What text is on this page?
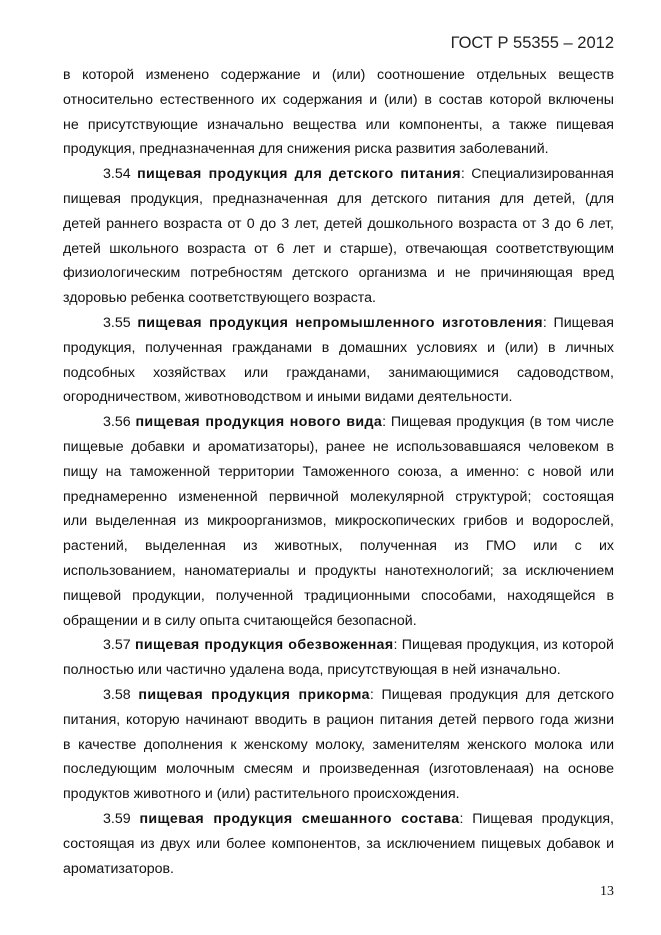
ГОСТ Р 55355 – 2012
в которой изменено содержание и (или) соотношение отдельных веществ
относительно естественного их содержания и (или) в состав которой включены
не присутствующие изначально вещества или компоненты, а также пищевая
продукция, предназначенная для снижения риска развития заболеваний.
3.54 пищевая продукция для детского питания: Специализированная
пищевая продукция, предназначенная для детского питания для детей, (для
детей раннего возраста от 0 до 3 лет, детей дошкольного возраста от 3 до 6 лет,
детей школьного возраста от 6 лет и старше), отвечающая соответствующим
физиологическим потребностям детского организма и не причиняющая вред
здоровью ребенка соответствующего возраста.
3.55 пищевая продукция непромышленного изготовления: Пищевая
продукция, полученная гражданами в домашних условиях и (или) в личных
подсобных хозяйствах или гражданами, занимающимися садоводством,
огородничеством, животноводством и иными видами деятельности.
3.56 пищевая продукция нового вида: Пищевая продукция (в том числе
пищевые добавки и ароматизаторы), ранее не использовавшаяся человеком в
пищу на таможенной территории Таможенного союза, а именно: с новой или
преднамеренно измененной первичной молекулярной структурой; состоящая
или выделенная из микроорганизмов, микроскопических грибов и водорослей,
растений, выделенная из животных, полученная из ГМО или с их
использованием, наноматериалы и продукты нанотехнологий; за исключением
пищевой продукции, полученной традиционными способами, находящейся в
обращении и в силу опыта считающейся безопасной.
3.57 пищевая продукция обезвоженная: Пищевая продукция, из которой
полностью или частично удалена вода, присутствующая в ней изначально.
3.58 пищевая продукция прикорма: Пищевая продукция для детского
питания, которую начинают вводить в рацион питания детей первого года жизни
в качестве дополнения к женскому молоку, заменителям женского молока или
последующим молочным смесям и произведенная (изготовленаая) на основе
продуктов животного и (или) растительного происхождения.
3.59 пищевая продукция смешанного состава: Пищевая продукция,
состоящая из двух или более компонентов, за исключением пищевых добавок и
ароматизаторов.
13
